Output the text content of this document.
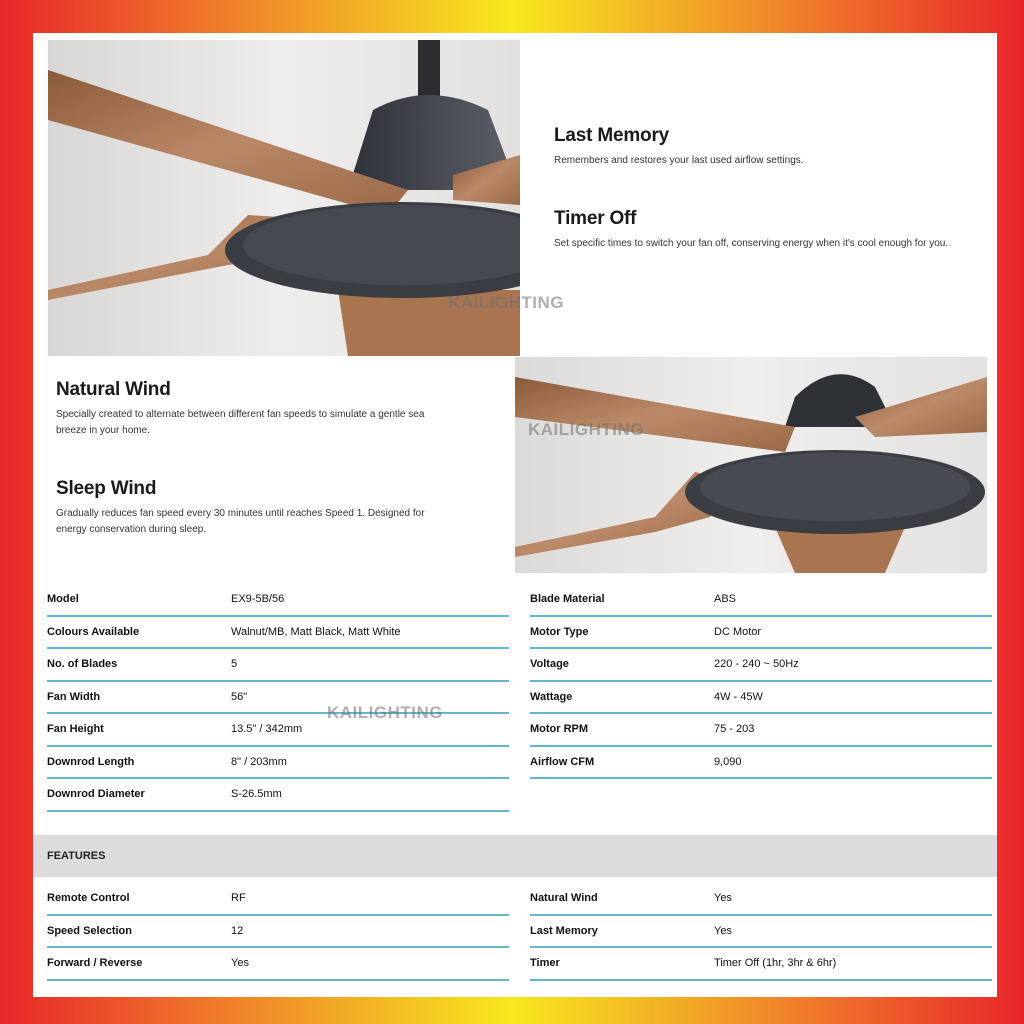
Last Memory

Remembers and restores your last used airflow settings.

Timer Off

Set specific times to switch your fan off, conserving energy when it's cool enough for you.

KAILIGHTING
Natural Wind

Specially created to alternate between different fan speeds to simulate a gentle sea

breeze in your home.

Sleep Wind

Gradually reduces fan speed every 30 minutes until reaches Speed 1. Designed for

energy conservation during sleep.

KAILIGHTING
Model	EX9-5B/56
Colours Available	Walnut/MB, Matt Black, Matt White
No. of Blades	5
Fan Width	56"
Fan Height	13.5" / 342mm
Downrod Length	8" / 203mm
Downrod Diameter	S-26.5mm
Blade Material	ABS
Motor Type	DC Motor
Voltage	220 - 240 ~ 50Hz
Wattage	4W - 45W
Motor RPM	75 - 203
Airflow CFM	9,090
KAILIGHTING
FEATURES
Remote Control	RF
Speed Selection	12
Forward / Reverse	Yes
Natural Wind	Yes
Last Memory	Yes
Timer	Timer Off (1hr, 3hr & 6hr)
